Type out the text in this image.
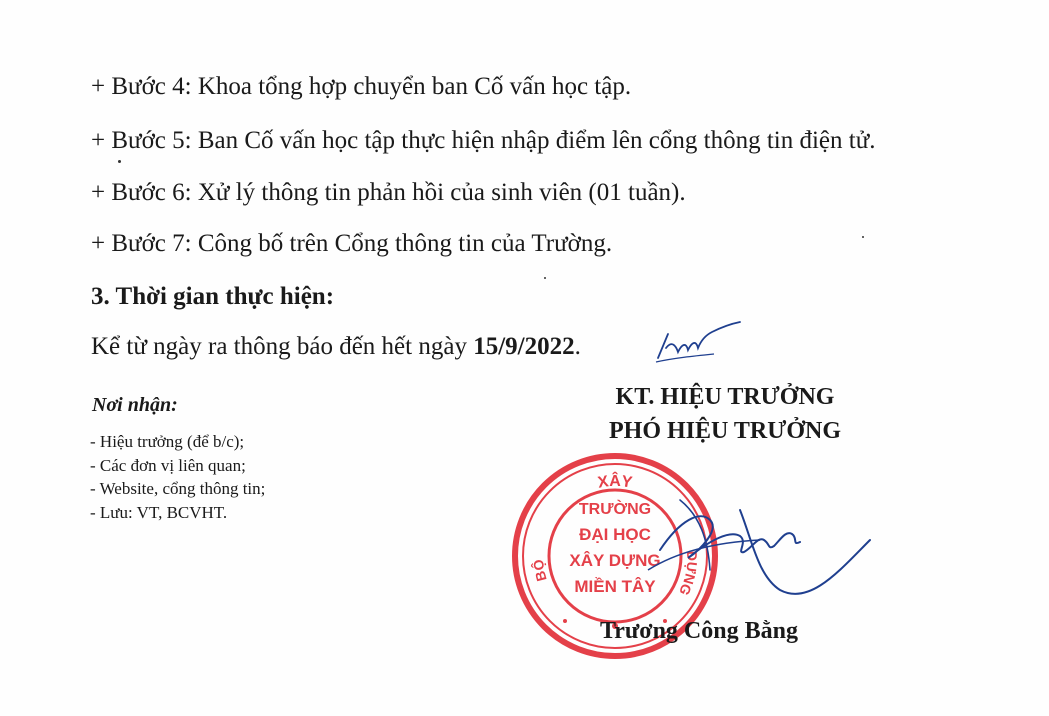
+ Bước 4: Khoa tổng hợp chuyển ban Cố vấn học tập.
+ Bước 5: Ban Cố vấn học tập thực hiện nhập điểm lên cổng thông tin điện tử.
+ Bước 6: Xử lý thông tin phản hồi của sinh viên (01 tuần).
+ Bước 7: Công bố trên Cổng thông tin của Trường.
3. Thời gian thực hiện:
Kể từ ngày ra thông báo đến hết ngày 15/9/2022.
Nơi nhận:
- Hiệu trưởng (để b/c);
- Các đơn vị liên quan;
- Website, cổng thông tin;
- Lưu: VT, BCVHT.
KT. HIỆU TRƯỞNG
PHÓ HIỆU TRƯỞNG
XÂY
BỘ
DỰNG
TRƯỜNG
ĐẠI HỌC
XÂY DỰNG
MIỀN TÂY
Trương Công Bằng
